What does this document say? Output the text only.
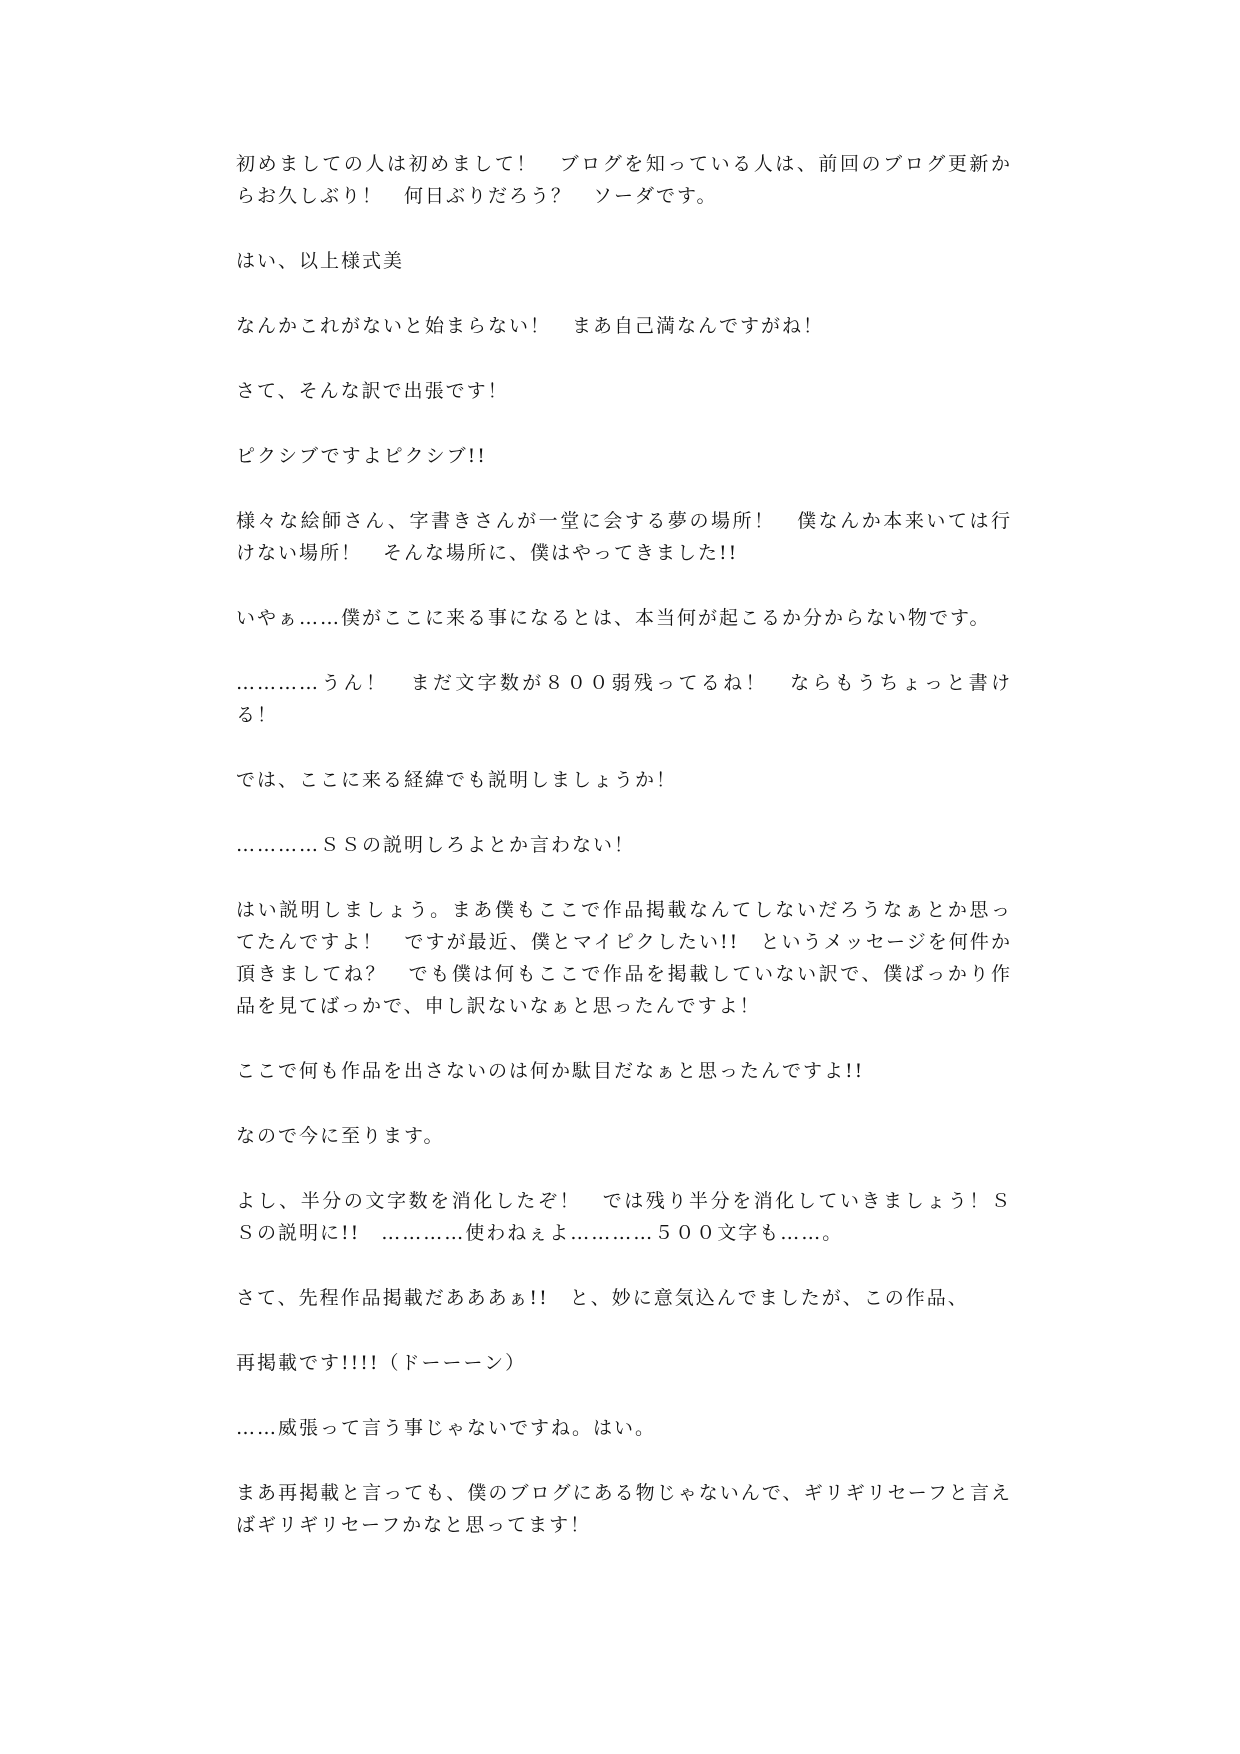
初めましての人は初めまして！　ブログを知っている人は、前回のブログ更新からお久しぶり！　何日ぶりだろう？　ソーダです。

はい、以上様式美

なんかこれがないと始まらない！　まあ自己満なんですがね！

さて、そんな訳で出張です！

ピクシブですよピクシブ!!

様々な絵師さん、字書きさんが一堂に会する夢の場所！　僕なんか本来いては行けない場所！　そんな場所に、僕はやってきました!!

いやぁ……僕がここに来る事になるとは、本当何が起こるか分からない物です。

…………うん！　まだ文字数が８００弱残ってるね！　ならもうちょっと書ける！

では、ここに来る経緯でも説明しましょうか！

…………ＳＳの説明しろよとか言わない！

はい説明しましょう。まあ僕もここで作品掲載なんてしないだろうなぁとか思ってたんですよ！　ですが最近、僕とマイピクしたい!!　というメッセージを何件か頂きましてね？　でも僕は何もここで作品を掲載していない訳で、僕ばっかり作品を見てばっかで、申し訳ないなぁと思ったんですよ！

ここで何も作品を出さないのは何か駄目だなぁと思ったんですよ!!

なので今に至ります。

よし、半分の文字数を消化したぞ！　では残り半分を消化していきましょう！ＳＳの説明に!!　…………使わねぇよ…………５００文字も……。

さて、先程作品掲載だあああぁ!!　と、妙に意気込んでましたが、この作品、

再掲載です!!!!（ドーーーン）

……威張って言う事じゃないですね。はい。

まあ再掲載と言っても、僕のブログにある物じゃないんで、ギリギリセーフと言えばギリギリセーフかなと思ってます！
